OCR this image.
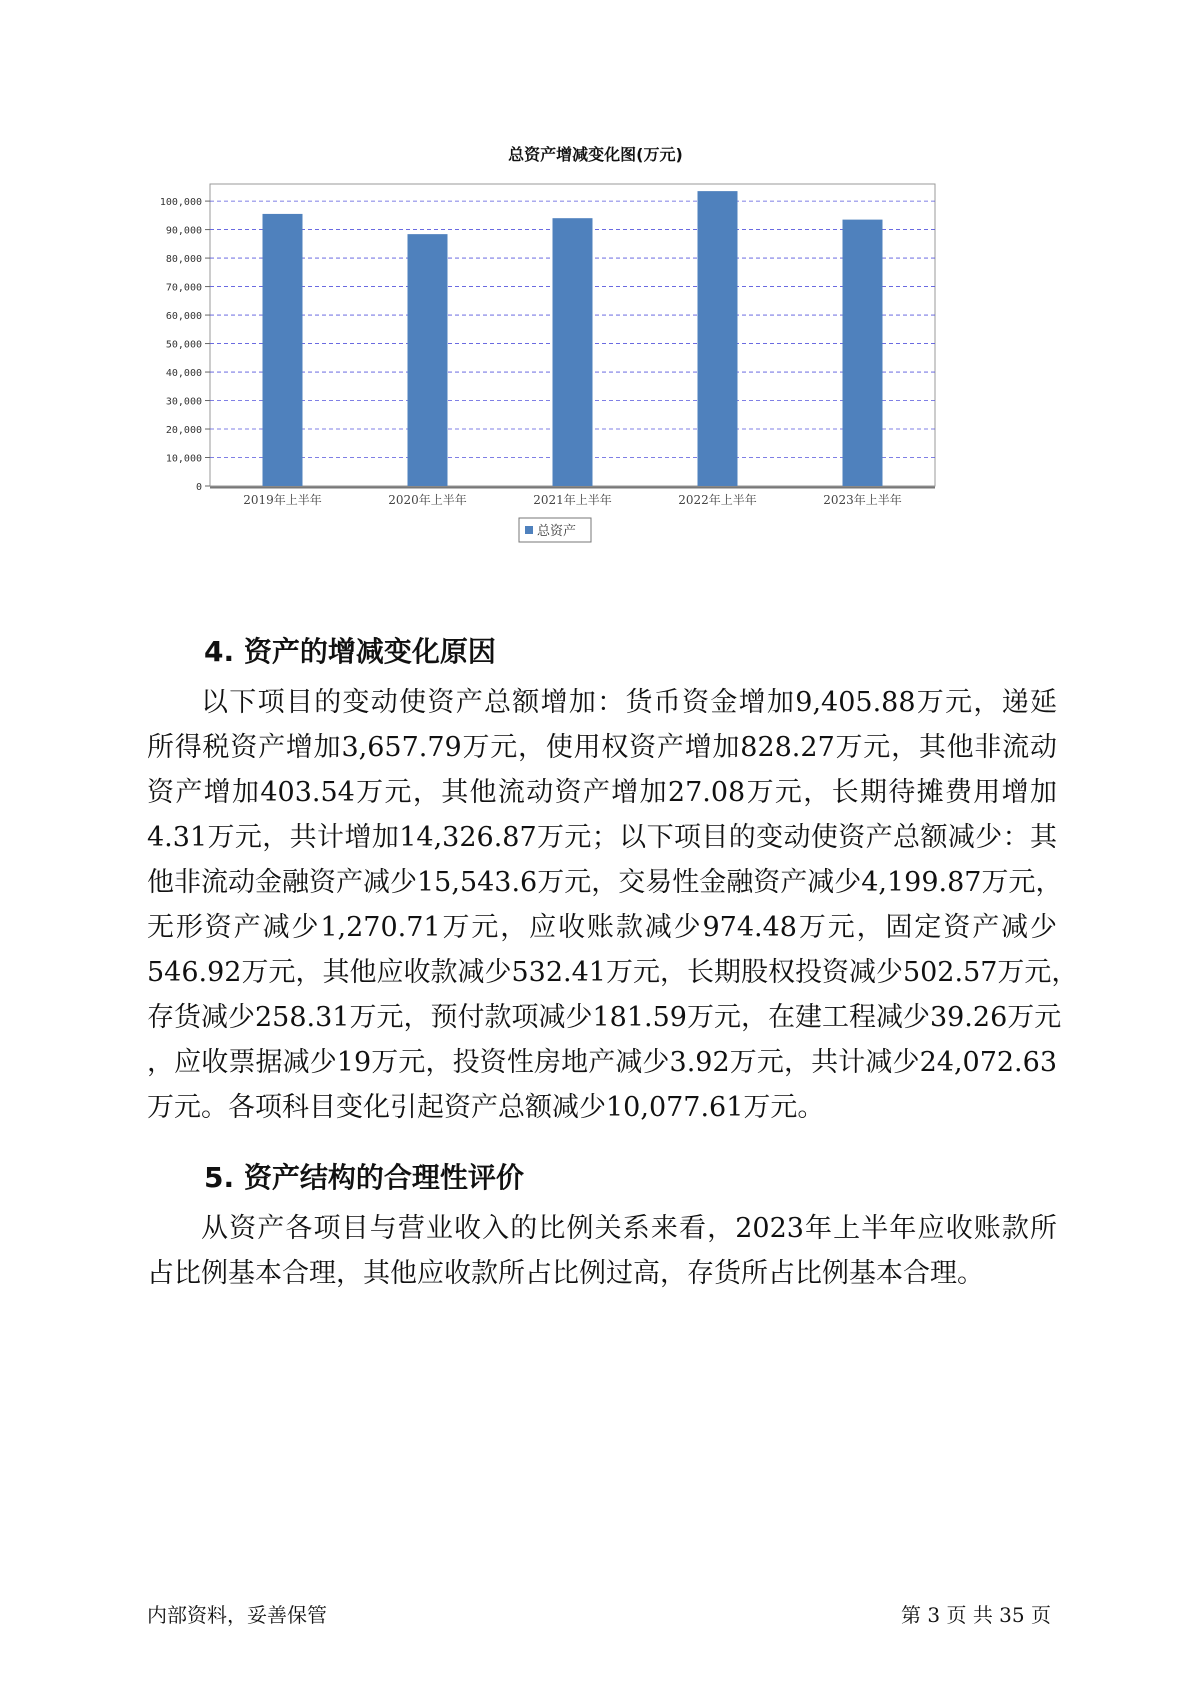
总资产增减变化图(万元)
0
10,000
20,000
30,000
40,000
50,000
60,000
70,000
80,000
90,000
100,000
2019年上半年	2020年上半年	2021年上半年	2022年上半年	2023年上半年
总资产
4. 资产的增减变化原因
以下项目的变动使资产总额增加：货币资金增加9,405.88万元，递延
所得税资产增加3,657.79万元，使用权资产增加828.27万元，其他非流动
资产增加403.54万元，其他流动资产增加27.08万元，长期待摊费用增加
4.31万元，共计增加14,326.87万元；以下项目的变动使资产总额减少：其
他非流动金融资产减少15,543.6万元，交易性金融资产减少4,199.87万元，
无形资产减少1,270.71万元，应收账款减少974.48万元，固定资产减少
546.92万元，其他应收款减少532.41万元，长期股权投资减少502.57万元，
存货减少258.31万元，预付款项减少181.59万元，在建工程减少39.26万元
，应收票据减少19万元，投资性房地产减少3.92万元，共计减少24,072.63
万元。各项科目变化引起资产总额减少10,077.61万元。
5. 资产结构的合理性评价
从资产各项目与营业收入的比例关系来看，2023年上半年应收账款所
占比例基本合理，其他应收款所占比例过高，存货所占比例基本合理。
内部资料，妥善保管	第 3 页 共 35 页
